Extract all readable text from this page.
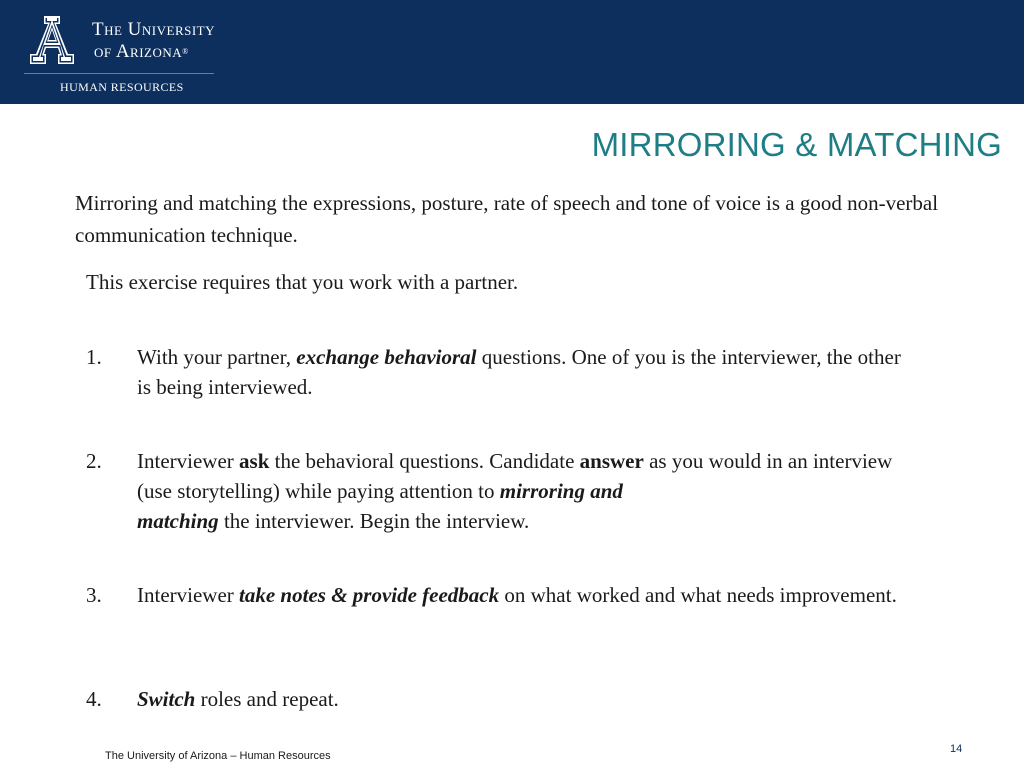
The University
of Arizona®
HUMAN RESOURCES
MIRRORING & MATCHING
Mirroring and matching the expressions, posture, rate of speech and tone of voice is a good non-verbal communication technique.
This exercise requires that you work with a partner.
1. With your partner, exchange behavioral questions. One of you is the interviewer, the other is being interviewed.
2. Interviewer ask the behavioral questions. Candidate answer as you would in an interview (use storytelling) while paying attention to mirroring and
matching the interviewer. Begin the interview.
3. Interviewer take notes & provide feedback on what worked and what needs improvement.
4. Switch roles and repeat.
The University of Arizona – Human Resources
14
